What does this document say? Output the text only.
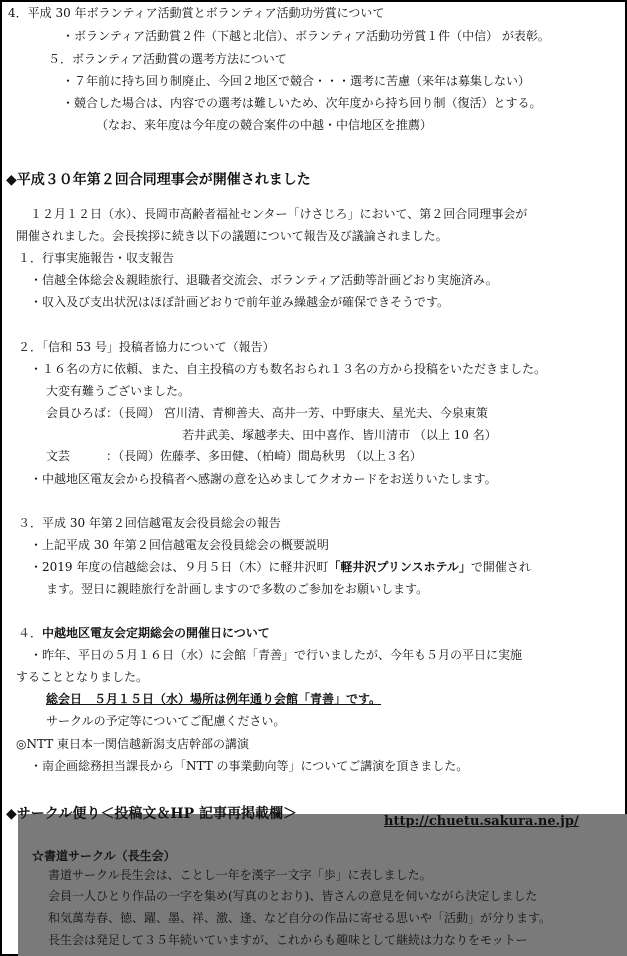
4．平成 30 年ボランティア活動賞とボランティア活動功労賞について
・ボランティア活動賞２件（下越と北信）、ボランティア活動功労賞１件（中信） が表彰。
５．ボランティア活動賞の選考方法について
・７年前に持ち回り制廃止、今回２地区で競合・・・選考に苦慮（来年は募集しない）
・競合した場合は、内容での選考は難しいため、次年度から持ち回り制（復活）とする。
（なお、来年度は今年度の競合案件の中越・中信地区を推薦）
◆平成３０年第２回合同理事会が開催されました
１２月１２日（水）、長岡市高齢者福祉センター「けさじろ」において、第２回合同理事会が
開催されました。会長挨拶に続き以下の議題について報告及び議論されました。
１．行事実施報告・収支報告
・信越全体総会＆親睦旅行、退職者交流会、ボランティア活動等計画どおり実施済み。
・収入及び支出状況はほぼ計画どおりで前年並み繰越金が確保できそうです。
２．「信和 53 号」投稿者協力について（報告）
・１６名の方に依頼、また、自主投稿の方も数名おられ１３名の方から投稿をいただきました。
大変有難うございました。
会員ひろば：（長岡） 宮川清、青柳善夫、高井一芳、中野康夫、星光夫、今泉東策
若井武美、塚越孝夫、田中喜作、皆川清市 （以上 10 名）
文芸　　　：（長岡）佐藤孝、多田健、（柏崎）間島秋男 （以上３名）
・中越地区電友会から投稿者へ感謝の意を込めましてクオカードをお送りいたします。
３．平成 30 年第２回信越電友会役員総会の報告
・上記平成 30 年第２回信越電友会役員総会の概要説明
・2019 年度の信越総会は、９月５日（木）に軽井沢町「軽井沢プリンスホテル」で開催され
ます。翌日に親睦旅行を計画しますので多数のご参加をお願いします。
４．中越地区電友会定期総会の開催日について
・昨年、平日の５月１６日（水）に会館「青善」で行いましたが、今年も５月の平日に実施
することとなりました。
総会日　５月１５日（水）場所は例年通り会館「青善」です。
サークルの予定等についてご配慮ください。
◎NTT 東日本一関信越新潟支店幹部の講演
・南企画総務担当課長から「NTT の事業動向等」についてご講演を頂きました。
◆サークル便り＜投稿文＆HP 記事再掲載欄＞	http://chuetu.sakura.ne.jp/
☆書道サークル（長生会）
書道サークル長生会は、ことし一年を漢字一文字「歩」に表しました。
会員一人ひとり作品の一字を集め(写真のとおり)、皆さんの意見を伺いながら決定しました
和気萬寿春、徳、躍、墨、祥、激、逢、など自分の作品に寄せる思いや「活動」が分ります。
長生会は発足して３５年続いていますが、これからも趣味として継続は力なりをモットー
